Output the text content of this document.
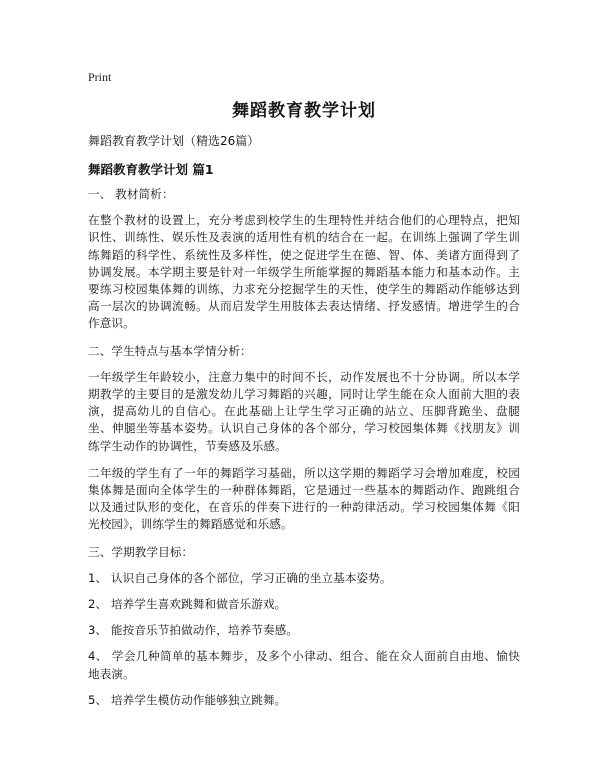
Print
舞蹈教育教学计划
舞蹈教育教学计划（精选26篇）
舞蹈教育教学计划 篇1

一、 教材简析：

在整个教材的设置上，充分考虑到校学生的生理特性并结合他们的心理特点，把知识性、训练性、娱乐性及表演的适用性有机的结合在一起。在训练上强调了学生训练舞蹈的科学性、系统性及多样性，使之促进学生在德、智、体、美诸方面得到了协调发展。本学期主要是针对一年级学生所能掌握的舞蹈基本能力和基本动作。主要练习校园集体舞的训练，力求充分挖掘学生的天性，使学生的舞蹈动作能够达到高一层次的协调流畅。从而启发学生用肢体去表达情绪、抒发感情。增进学生的合作意识。

二、学生特点与基本学情分析：

一年级学生年龄较小，注意力集中的时间不长，动作发展也不十分协调。所以本学期教学的主要目的是激发幼儿学习舞蹈的兴趣，同时让学生能在众人面前大胆的表演，提高幼儿的自信心。在此基础上让学生学习正确的站立、压脚背跪坐、盘腿坐、伸腿坐等基本姿势。认识自己身体的各个部分，学习校园集体舞《找朋友》训练学生动作的协调性，节奏感及乐感。

二年级的学生有了一年的舞蹈学习基础，所以这学期的舞蹈学习会增加难度，校园集体舞是面向全体学生的一种群体舞蹈，它是通过一些基本的舞蹈动作、跑跳组合以及通过队形的变化，在音乐的伴奏下进行的一种韵律活动。学习校园集体舞《阳光校园》，训练学生的舞蹈感觉和乐感。

三、学期教学目标：

1、 认识自己身体的各个部位，学习正确的坐立基本姿势。

2、 培养学生喜欢跳舞和做音乐游戏。

3、 能按音乐节拍做动作，培养节奏感。

4、 学会几种简单的基本舞步，及多个小律动、组合、能在众人面前自由地、愉快地表演。

5、 培养学生模仿动作能够独立跳舞。
